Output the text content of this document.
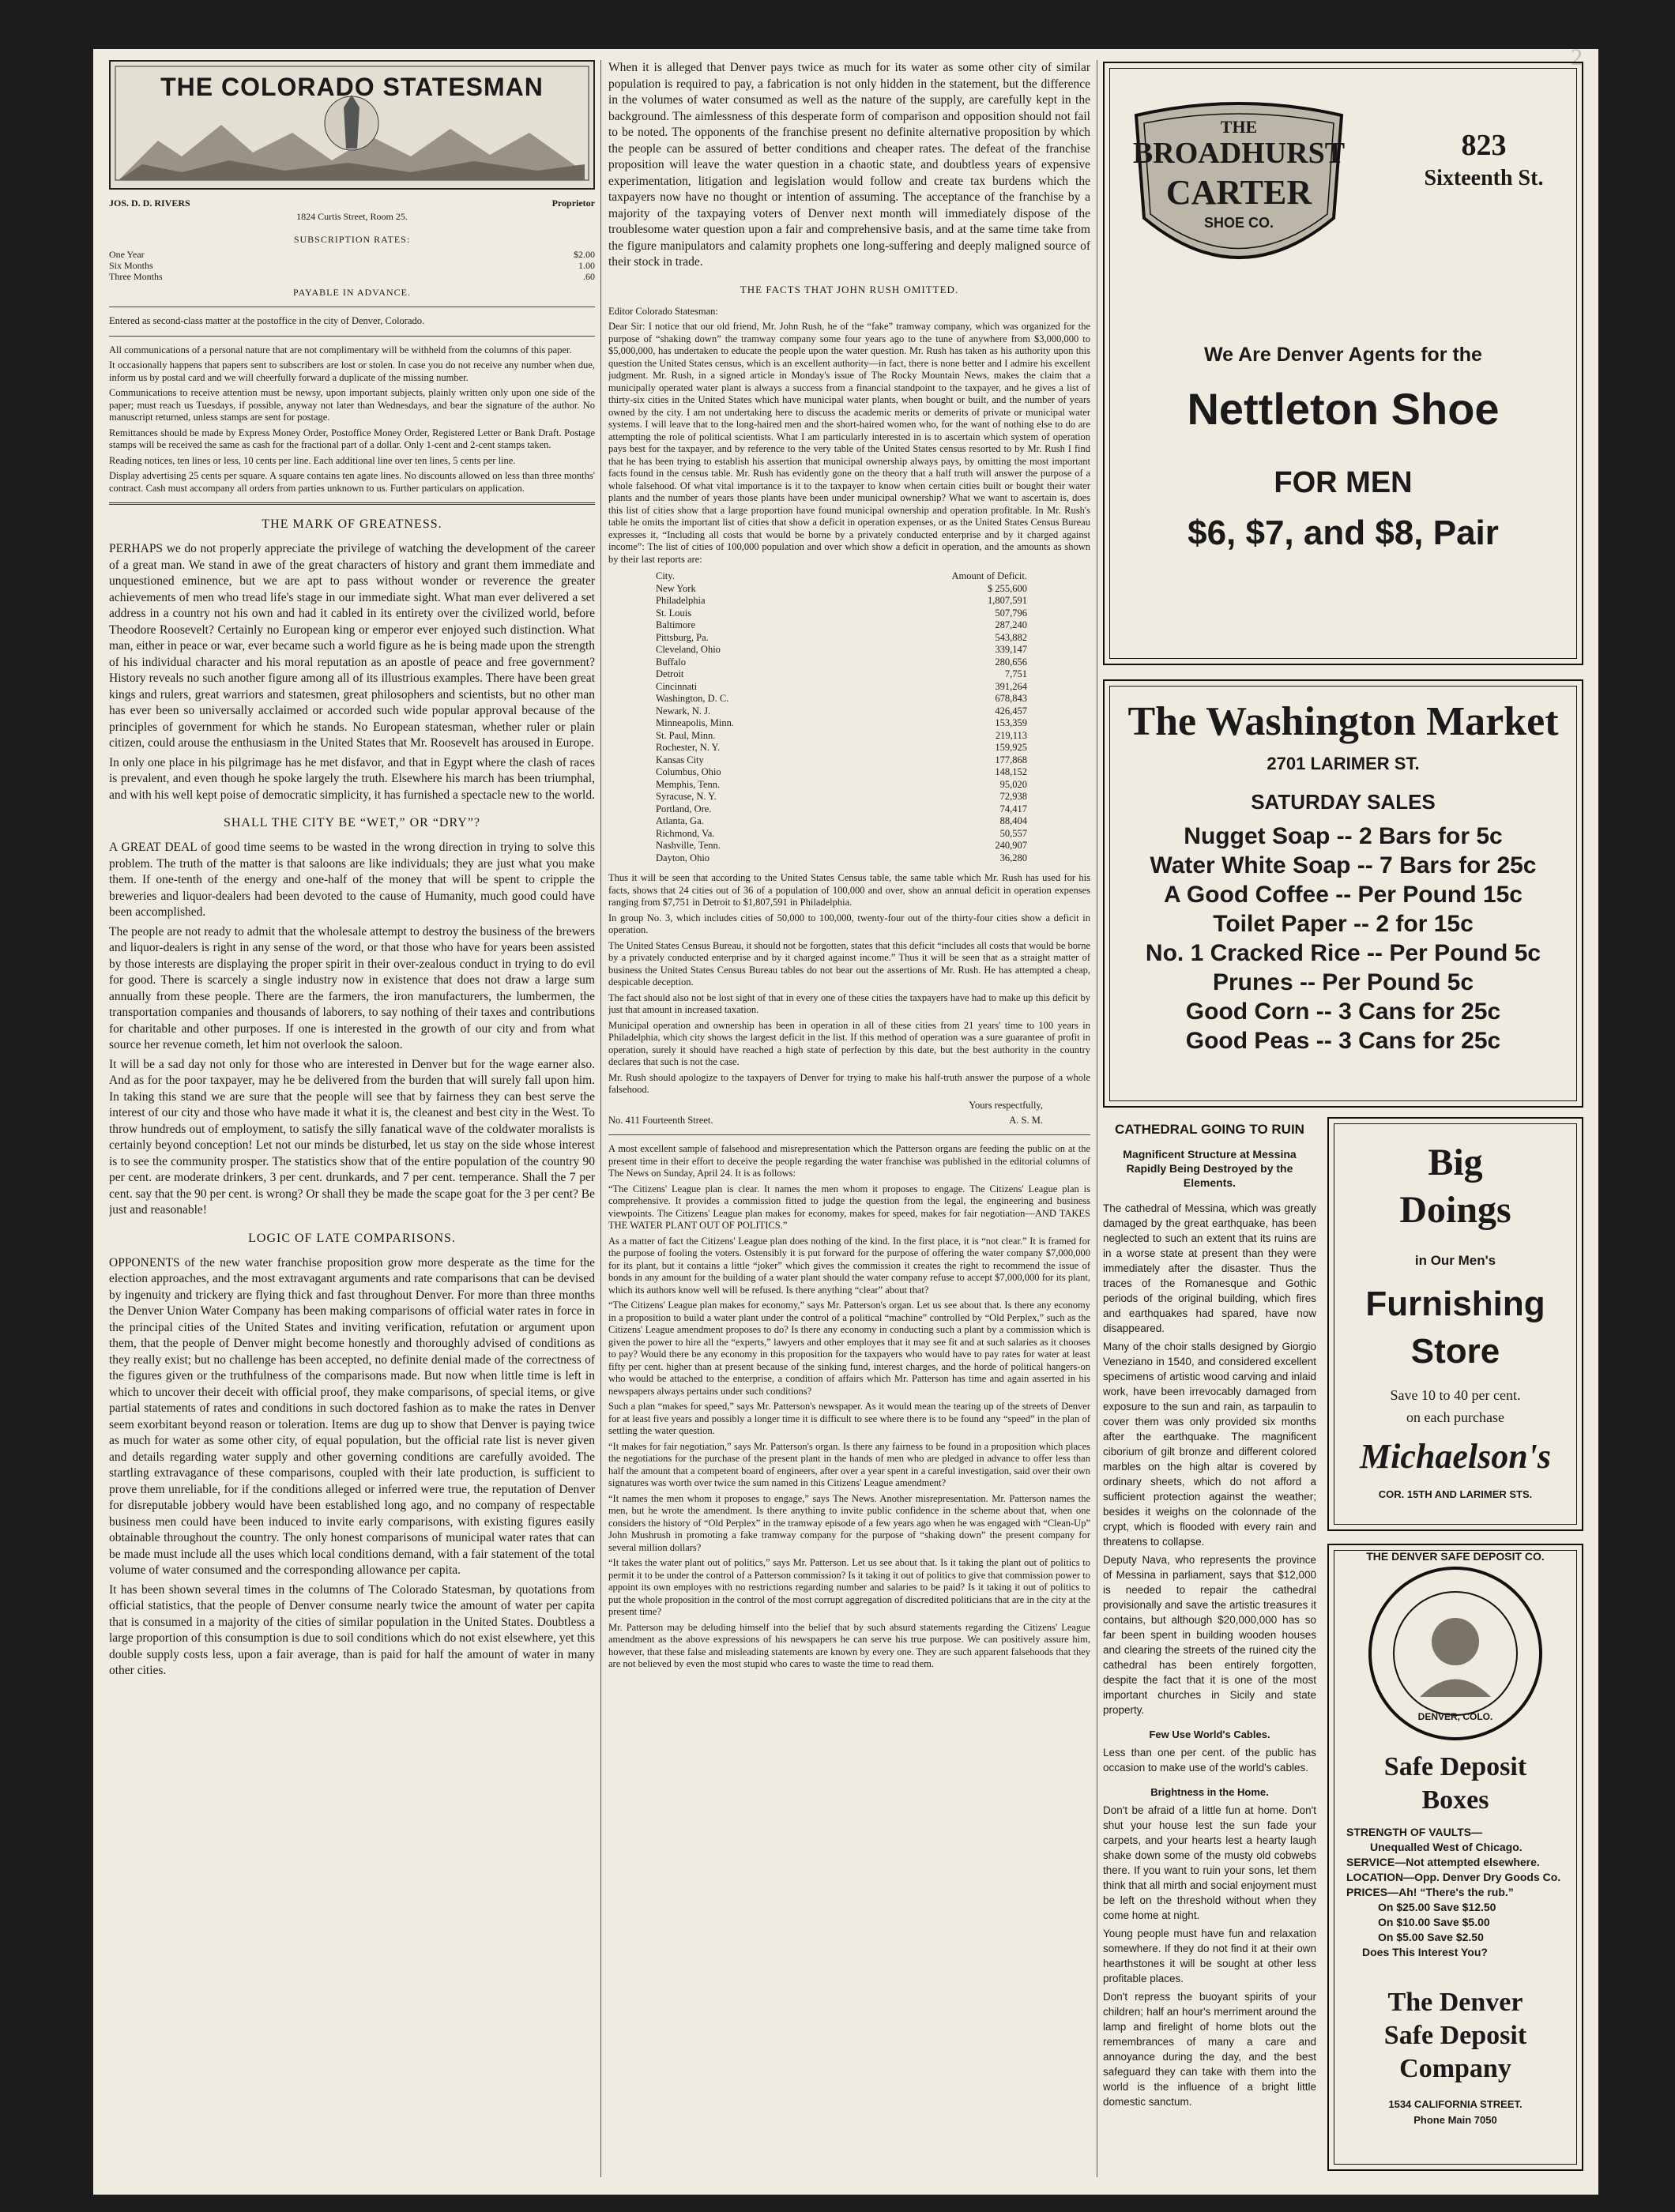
2
THE COLORADO STATESMAN
JOS. D. D. RIVERS	Proprietor
1824 Curtis Street, Room 25.
SUBSCRIPTION RATES:
One Year	$2.00
Six Months	1.00
Three Months	.60
PAYABLE IN ADVANCE.

Entered as second-class matter at the postoffice in the city of Denver, Colorado.

All communications of a personal nature that are not complimentary will be withheld from the columns of this paper.

It occasionally happens that papers sent to subscribers are lost or stolen. In case you do not receive any number when due, inform us by postal card and we will cheerfully forward a duplicate of the missing number.

Communications to receive attention must be newsy, upon important subjects, plainly written only upon one side of the paper; must reach us Tuesdays, if possible, anyway not later than Wednesdays, and bear the signature of the author. No manuscript returned, unless stamps are sent for postage.

Remittances should be made by Express Money Order, Postoffice Money Order, Registered Letter or Bank Draft. Postage stamps will be received the same as cash for the fractional part of a dollar. Only 1-cent and 2-cent stamps taken.

Reading notices, ten lines or less, 10 cents per line. Each additional line over ten lines, 5 cents per line.

Display advertising 25 cents per square. A square contains ten agate lines. No discounts allowed on less than three months' contract. Cash must accompany all orders from parties unknown to us. Further particulars on application.

THE MARK OF GREATNESS.

PERHAPS we do not properly appreciate the privilege of watching the development of the career of a great man. We stand in awe of the great characters of history and grant them immediate and unquestioned eminence, but we are apt to pass without wonder or reverence the greater achievements of men who tread life's stage in our immediate sight. What man ever delivered a set address in a country not his own and had it cabled in its entirety over the civilized world, before Theodore Roosevelt? Certainly no European king or emperor ever enjoyed such distinction. What man, either in peace or war, ever became such a world figure as he is being made upon the strength of his individual character and his moral reputation as an apostle of peace and free government? History reveals no such another figure among all of its illustrious examples. There have been great kings and rulers, great warriors and statesmen, great philosophers and scientists, but no other man has ever been so universally acclaimed or accorded such wide popular approval because of the principles of government for which he stands. No European statesman, whether ruler or plain citizen, could arouse the enthusiasm in the United States that Mr. Roosevelt has aroused in Europe.

In only one place in his pilgrimage has he met disfavor, and that in Egypt where the clash of races is prevalent, and even though he spoke largely the truth. Elsewhere his march has been triumphal, and with his well kept poise of democratic simplicity, it has furnished a spectacle new to the world.

SHALL THE CITY BE “WET,” OR “DRY”?

A GREAT DEAL of good time seems to be wasted in the wrong direction in trying to solve this problem. The truth of the matter is that saloons are like individuals; they are just what you make them. If one-tenth of the energy and one-half of the money that will be spent to cripple the breweries and liquor-dealers had been devoted to the cause of Humanity, much good could have been accomplished.

The people are not ready to admit that the wholesale attempt to destroy the business of the brewers and liquor-dealers is right in any sense of the word, or that those who have for years been assisted by those interests are displaying the proper spirit in their over-zealous conduct in trying to do evil for good. There is scarcely a single industry now in existence that does not draw a large sum annually from these people. There are the farmers, the iron manufacturers, the lumbermen, the transportation companies and thousands of laborers, to say nothing of their taxes and contributions for charitable and other purposes. If one is interested in the growth of our city and from what source her revenue cometh, let him not overlook the saloon.

It will be a sad day not only for those who are interested in Denver but for the wage earner also. And as for the poor taxpayer, may he be delivered from the burden that will surely fall upon him. In taking this stand we are sure that the people will see that by fairness they can best serve the interest of our city and those who have made it what it is, the cleanest and best city in the West. To throw hundreds out of employment, to satisfy the silly fanatical wave of the coldwater moralists is certainly beyond conception! Let not our minds be disturbed, let us stay on the side whose interest is to see the community prosper. The statistics show that of the entire population of the country 90 per cent. are moderate drinkers, 3 per cent. drunkards, and 7 per cent. temperance. Shall the 7 per cent. say that the 90 per cent. is wrong? Or shall they be made the scape goat for the 3 per cent? Be just and reasonable!

LOGIC OF LATE COMPARISONS.

OPPONENTS of the new water franchise proposition grow more desperate as the time for the election approaches, and the most extravagant arguments and rate comparisons that can be devised by ingenuity and trickery are flying thick and fast throughout Denver. For more than three months the Denver Union Water Company has been making comparisons of official water rates in force in the principal cities of the United States and inviting verification, refutation or argument upon them, that the people of Denver might become honestly and thoroughly advised of conditions as they really exist; but no challenge has been accepted, no definite denial made of the correctness of the figures given or the truthfulness of the comparisons made. But now when little time is left in which to uncover their deceit with official proof, they make comparisons, of special items, or give partial statements of rates and conditions in such doctored fashion as to make the rates in Denver seem exorbitant beyond reason or toleration. Items are dug up to show that Denver is paying twice as much for water as some other city, of equal population, but the official rate list is never given and details regarding water supply and other governing conditions are carefully avoided. The startling extravagance of these comparisons, coupled with their late production, is sufficient to prove them unreliable, for if the conditions alleged or inferred were true, the reputation of Denver for disreputable jobbery would have been established long ago, and no company of respectable business men could have been induced to invite early comparisons, with existing figures easily obtainable throughout the country. The only honest comparisons of municipal water rates that can be made must include all the uses which local conditions demand, with a fair statement of the total volume of water consumed and the corresponding allowance per capita.

It has been shown several times in the columns of The Colorado Statesman, by quotations from official statistics, that the people of Denver consume nearly twice the amount of water per capita that is consumed in a majority of the cities of similar population in the United States. Doubtless a large proportion of this consumption is due to soil conditions which do not exist elsewhere, yet this double supply costs less, upon a fair average, than is paid for half the amount of water in many other cities.

When it is alleged that Denver pays twice as much for its water as some other city of similar population is required to pay, a fabrication is not only hidden in the statement, but the difference in the volumes of water consumed as well as the nature of the supply, are carefully kept in the background. The aimlessness of this desperate form of comparison and opposition should not fail to be noted. The opponents of the franchise present no definite alternative proposition by which the people can be assured of better conditions and cheaper rates. The defeat of the franchise proposition will leave the water question in a chaotic state, and doubtless years of expensive experimentation, litigation and legislation would follow and create tax burdens which the taxpayers now have no thought or intention of assuming. The acceptance of the franchise by a majority of the taxpaying voters of Denver next month will immediately dispose of the troublesome water question upon a fair and comprehensive basis, and at the same time take from the figure manipulators and calamity prophets one long-suffering and deeply maligned source of their stock in trade.

THE FACTS THAT JOHN RUSH OMITTED.

Editor Colorado Statesman:

Dear Sir: I notice that our old friend, Mr. John Rush, he of the “fake” tramway company, which was organized for the purpose of “shaking down” the tramway company some four years ago to the tune of anywhere from $3,000,000 to $5,000,000, has undertaken to educate the people upon the water question. Mr. Rush has taken as his authority upon this question the United States census, which is an excellent authority—in fact, there is none better and I admire his excellent judgment. Mr. Rush, in a signed article in Monday's issue of The Rocky Mountain News, makes the claim that a municipally operated water plant is always a success from a financial standpoint to the taxpayer, and he gives a list of thirty-six cities in the United States which have municipal water plants, when bought or built, and the number of years owned by the city. I am not undertaking here to discuss the academic merits or demerits of private or municipal water systems. I will leave that to the long-haired men and the short-haired women who, for the want of nothing else to do are attempting the role of political scientists. What I am particularly interested in is to ascertain which system of operation pays best for the taxpayer, and by reference to the very table of the United States census resorted to by Mr. Rush I find that he has been trying to establish his assertion that municipal ownership always pays, by omitting the most important facts found in the census table. Mr. Rush has evidently gone on the theory that a half truth will answer the purpose of a whole falsehood. Of what vital importance is it to the taxpayer to know when certain cities built or bought their water plants and the number of years those plants have been under municipal ownership? What we want to ascertain is, does this list of cities show that a large proportion have found municipal ownership and operation profitable. In Mr. Rush's table he omits the important list of cities that show a deficit in operation expenses, or as the United States Census Bureau expresses it, “Including all costs that would be borne by a privately conducted enterprise and by it charged against income”: The list of cities of 100,000 population and over which show a deficit in operation, and the amounts as shown by their last reports are:

City.	Amount of Deficit.
New York	$ 255,600
Philadelphia	1,807,591
St. Louis	507,796
Baltimore	287,240
Pittsburg, Pa.	543,882
Cleveland, Ohio	339,147
Buffalo	280,656
Detroit	7,751
Cincinnati	391,264
Washington, D. C.	678,843
Newark, N. J.	426,457
Minneapolis, Minn.	153,359
St. Paul, Minn.	219,113
Rochester, N. Y.	159,925
Kansas City	177,868
Columbus, Ohio	148,152
Memphis, Tenn.	95,020
Syracuse, N. Y.	72,938
Portland, Ore.	74,417
Atlanta, Ga.	88,404
Richmond, Va.	50,557
Nashville, Tenn.	240,907
Dayton, Ohio	36,280

Thus it will be seen that according to the United States Census table, the same table which Mr. Rush has used for his facts, shows that 24 cities out of 36 of a population of 100,000 and over, show an annual deficit in operation expenses ranging from $7,751 in Detroit to $1,807,591 in Philadelphia.

In group No. 3, which includes cities of 50,000 to 100,000, twenty-four out of the thirty-four cities show a deficit in operation.

The United States Census Bureau, it should not be forgotten, states that this deficit “includes all costs that would be borne by a privately conducted enterprise and by it charged against income.” Thus it will be seen that as a straight matter of business the United States Census Bureau tables do not bear out the assertions of Mr. Rush. He has attempted a cheap, despicable deception.

The fact should also not be lost sight of that in every one of these cities the taxpayers have had to make up this deficit by just that amount in increased taxation.

Municipal operation and ownership has been in operation in all of these cities from 21 years' time to 100 years in Philadelphia, which city shows the largest deficit in the list. If this method of operation was a sure guarantee of profit in operation, surely it should have reached a high state of perfection by this date, but the best authority in the country declares that such is not the case.

Mr. Rush should apologize to the taxpayers of Denver for trying to make his half-truth answer the purpose of a whole falsehood.

Yours respectfully,

No. 411 Fourteenth Street.	A. S. M.

A most excellent sample of falsehood and misrepresentation which the Patterson organs are feeding the public on at the present time in their effort to deceive the people regarding the water franchise was published in the editorial columns of The News on Sunday, April 24. It is as follows:

“The Citizens' League plan is clear. It names the men whom it proposes to engage. The Citizens' League plan is comprehensive. It provides a commission fitted to judge the question from the legal, the engineering and business viewpoints. The Citizens' League plan makes for economy, makes for speed, makes for fair negotiation—AND TAKES THE WATER PLANT OUT OF POLITICS.”

As a matter of fact the Citizens' League plan does nothing of the kind. In the first place, it is “not clear.” It is framed for the purpose of fooling the voters. Ostensibly it is put forward for the purpose of offering the water company $7,000,000 for its plant, but it contains a little “joker” which gives the commission it creates the right to recommend the issue of bonds in any amount for the building of a water plant should the water company refuse to accept $7,000,000 for its plant, which its authors know well will be refused. Is there anything “clear” about that?

“The Citizens' League plan makes for economy,” says Mr. Patterson's organ. Let us see about that. Is there any economy in a proposition to build a water plant under the control of a political “machine” controlled by “Old Perplex,” such as the Citizens' League amendment proposes to do? Is there any economy in conducting such a plant by a commission which is given the power to hire all the “experts,” lawyers and other employes that it may see fit and at such salaries as it chooses to pay? Would there be any economy in this proposition for the taxpayers who would have to pay rates for water at least fifty per cent. higher than at present because of the sinking fund, interest charges, and the horde of political hangers-on who would be attached to the enterprise, a condition of affairs which Mr. Patterson has time and again asserted in his newspapers always pertains under such conditions?

Such a plan “makes for speed,” says Mr. Patterson's newspaper. As it would mean the tearing up of the streets of Denver for at least five years and possibly a longer time it is difficult to see where there is to be found any “speed” in the plan of settling the water question.

“It makes for fair negotiation,” says Mr. Patterson's organ. Is there any fairness to be found in a proposition which places the negotiations for the purchase of the present plant in the hands of men who are pledged in advance to offer less than half the amount that a competent board of engineers, after over a year spent in a careful investigation, said over their own signatures was worth over twice the sum named in this Citizens' League amendment?

“It names the men whom it proposes to engage,” says The News. Another misrepresentation. Mr. Patterson names the men, but he wrote the amendment. Is there anything to invite public confidence in the scheme about that, when one considers the history of “Old Perplex” in the tramway episode of a few years ago when he was engaged with “Clean-Up” John Mushrush in promoting a fake tramway company for the purpose of “shaking down” the present company for several million dollars?

“It takes the water plant out of politics,” says Mr. Patterson. Let us see about that. Is it taking the plant out of politics to permit it to be under the control of a Patterson commission? Is it taking it out of politics to give that commission power to appoint its own employes with no restrictions regarding number and salaries to be paid? Is it taking it out of politics to put the whole proposition in the control of the most corrupt aggregation of discredited politicians that are in the city at the present time?

Mr. Patterson may be deluding himself into the belief that by such absurd statements regarding the Citizens' League amendment as the above expressions of his newspapers he can serve his true purpose. We can positively assure him, however, that these false and misleading statements are known by every one. They are such apparent falsehoods that they are not believed by even the most stupid who cares to waste the time to read them.

THE
BROADHURST
CARTER
SHOE CO.
823
Sixteenth St.
We Are Denver Agents for the
Nettleton Shoe
FOR MEN
$6, $7, and $8, Pair
The Washington Market
2701 LARIMER ST.
SATURDAY SALES
Nugget Soap -- 2 Bars for 5c
Water White Soap -- 7 Bars for 25c
A Good Coffee -- Per Pound 15c
Toilet Paper -- 2 for 15c
No. 1 Cracked Rice -- Per Pound 5c
Prunes -- Per Pound 5c
Good Corn -- 3 Cans for 25c
Good Peas -- 3 Cans for 25c
CATHEDRAL GOING TO RUIN
Magnificent Structure at Messina Rapidly Being Destroyed by the Elements.

The cathedral of Messina, which was greatly damaged by the great earthquake, has been neglected to such an extent that its ruins are in a worse state at present than they were immediately after the disaster. Thus the traces of the Romanesque and Gothic periods of the original building, which fires and earthquakes had spared, have now disappeared.

Many of the choir stalls designed by Giorgio Veneziano in 1540, and considered excellent specimens of artistic wood carving and inlaid work, have been irrevocably damaged from exposure to the sun and rain, as tarpaulin to cover them was only provided six months after the earthquake. The magnificent ciborium of gilt bronze and different colored marbles on the high altar is covered by ordinary sheets, which do not afford a sufficient protection against the weather; besides it weighs on the colonnade of the crypt, which is flooded with every rain and threatens to collapse.

Deputy Nava, who represents the province of Messina in parliament, says that $12,000 is needed to repair the cathedral provisionally and save the artistic treasures it contains, but although $20,000,000 has so far been spent in building wooden houses and clearing the streets of the ruined city the cathedral has been entirely forgotten, despite the fact that it is one of the most important churches in Sicily and state property.

Few Use World's Cables.

Less than one per cent. of the public has occasion to make use of the world's cables.

Brightness in the Home.

Don't be afraid of a little fun at home. Don't shut your house lest the sun fade your carpets, and your hearts lest a hearty laugh shake down some of the musty old cobwebs there. If you want to ruin your sons, let them think that all mirth and social enjoyment must be left on the threshold without when they come home at night.

Young people must have fun and relaxation somewhere. If they do not find it at their own hearthstones it will be sought at other less profitable places.

Don't repress the buoyant spirits of your children; half an hour's merriment around the lamp and firelight of home blots out the remembrances of many a care and annoyance during the day, and the best safeguard they can take with them into the world is the influence of a bright little domestic sanctum.

Big
Doings
in Our Men's
Furnishing
Store
Save 10 to 40 per cent.
on each purchase
Michaelson's
COR. 15TH AND LARIMER STS.
THE DENVER SAFE DEPOSIT CO.
DENVER, COLO.
Safe Deposit
Boxes
STRENGTH OF VAULTS—
Unequalled West of Chicago.
SERVICE—Not attempted elsewhere.
LOCATION—Opp. Denver Dry Goods Co.
PRICES—Ah! “There's the rub.”
On $25.00 Save $12.50
On $10.00 Save $5.00
On $5.00 Save $2.50
Does This Interest You?
The Denver
Safe Deposit
Company
1534 CALIFORNIA STREET.
Phone Main 7050
